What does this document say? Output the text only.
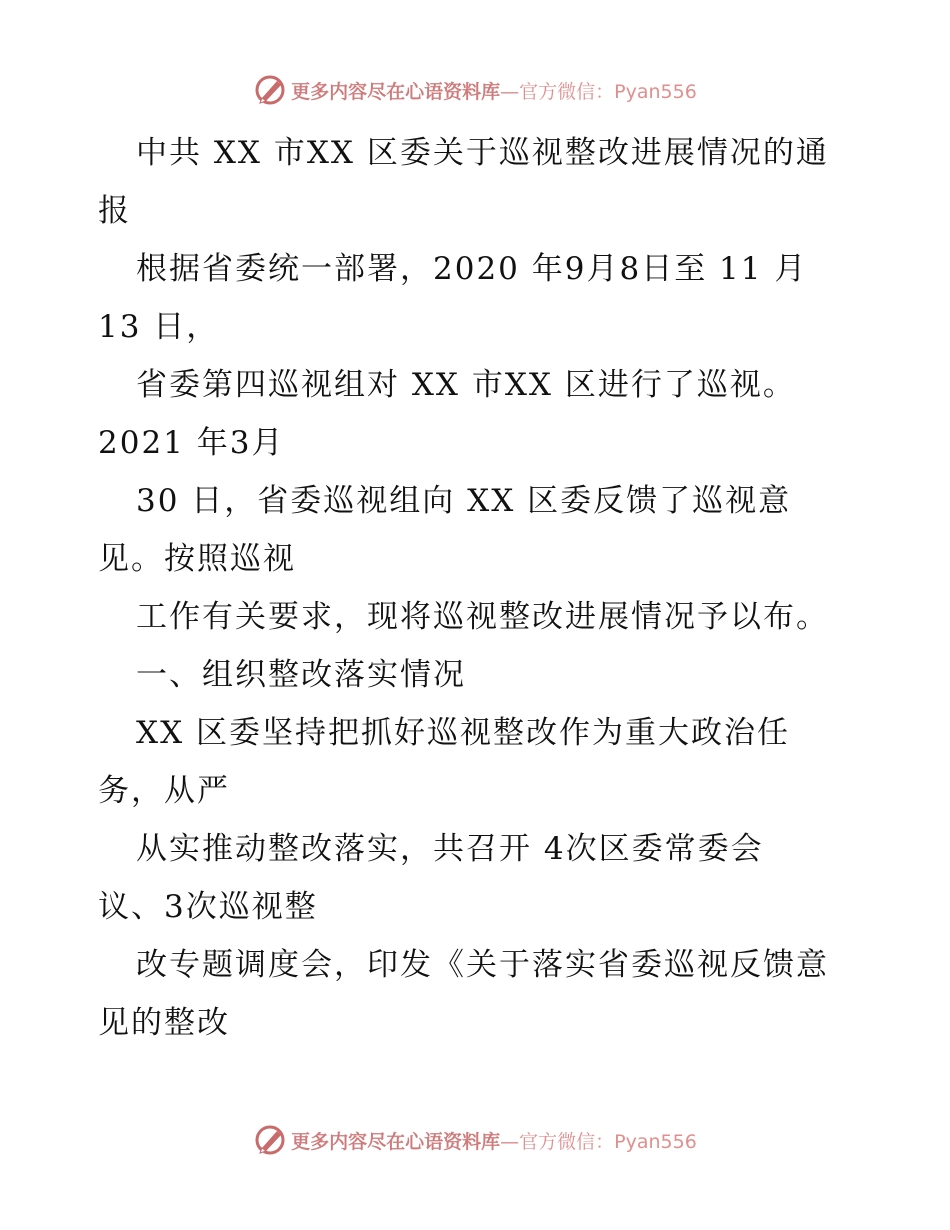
更多内容尽在心语资料库—官方微信：Pyan556
中共 XX 市XX 区委关于巡视整改进展情况的通
报
根据省委统一部署，2020 年9月8日至 11 月
13 日，
省委第四巡视组对 XX 市XX 区进行了巡视。
2021 年3月
30 日，省委巡视组向 XX 区委反馈了巡视意
见。按照巡视
工作有关要求，现将巡视整改进展情况予以布。
一、组织整改落实情况
XX 区委坚持把抓好巡视整改作为重大政治任
务，从严
从实推动整改落实，共召开 4次区委常委会
议、3次巡视整
改专题调度会，印发《关于落实省委巡视反馈意
见的整改
更多内容尽在心语资料库—官方微信：Pyan556
